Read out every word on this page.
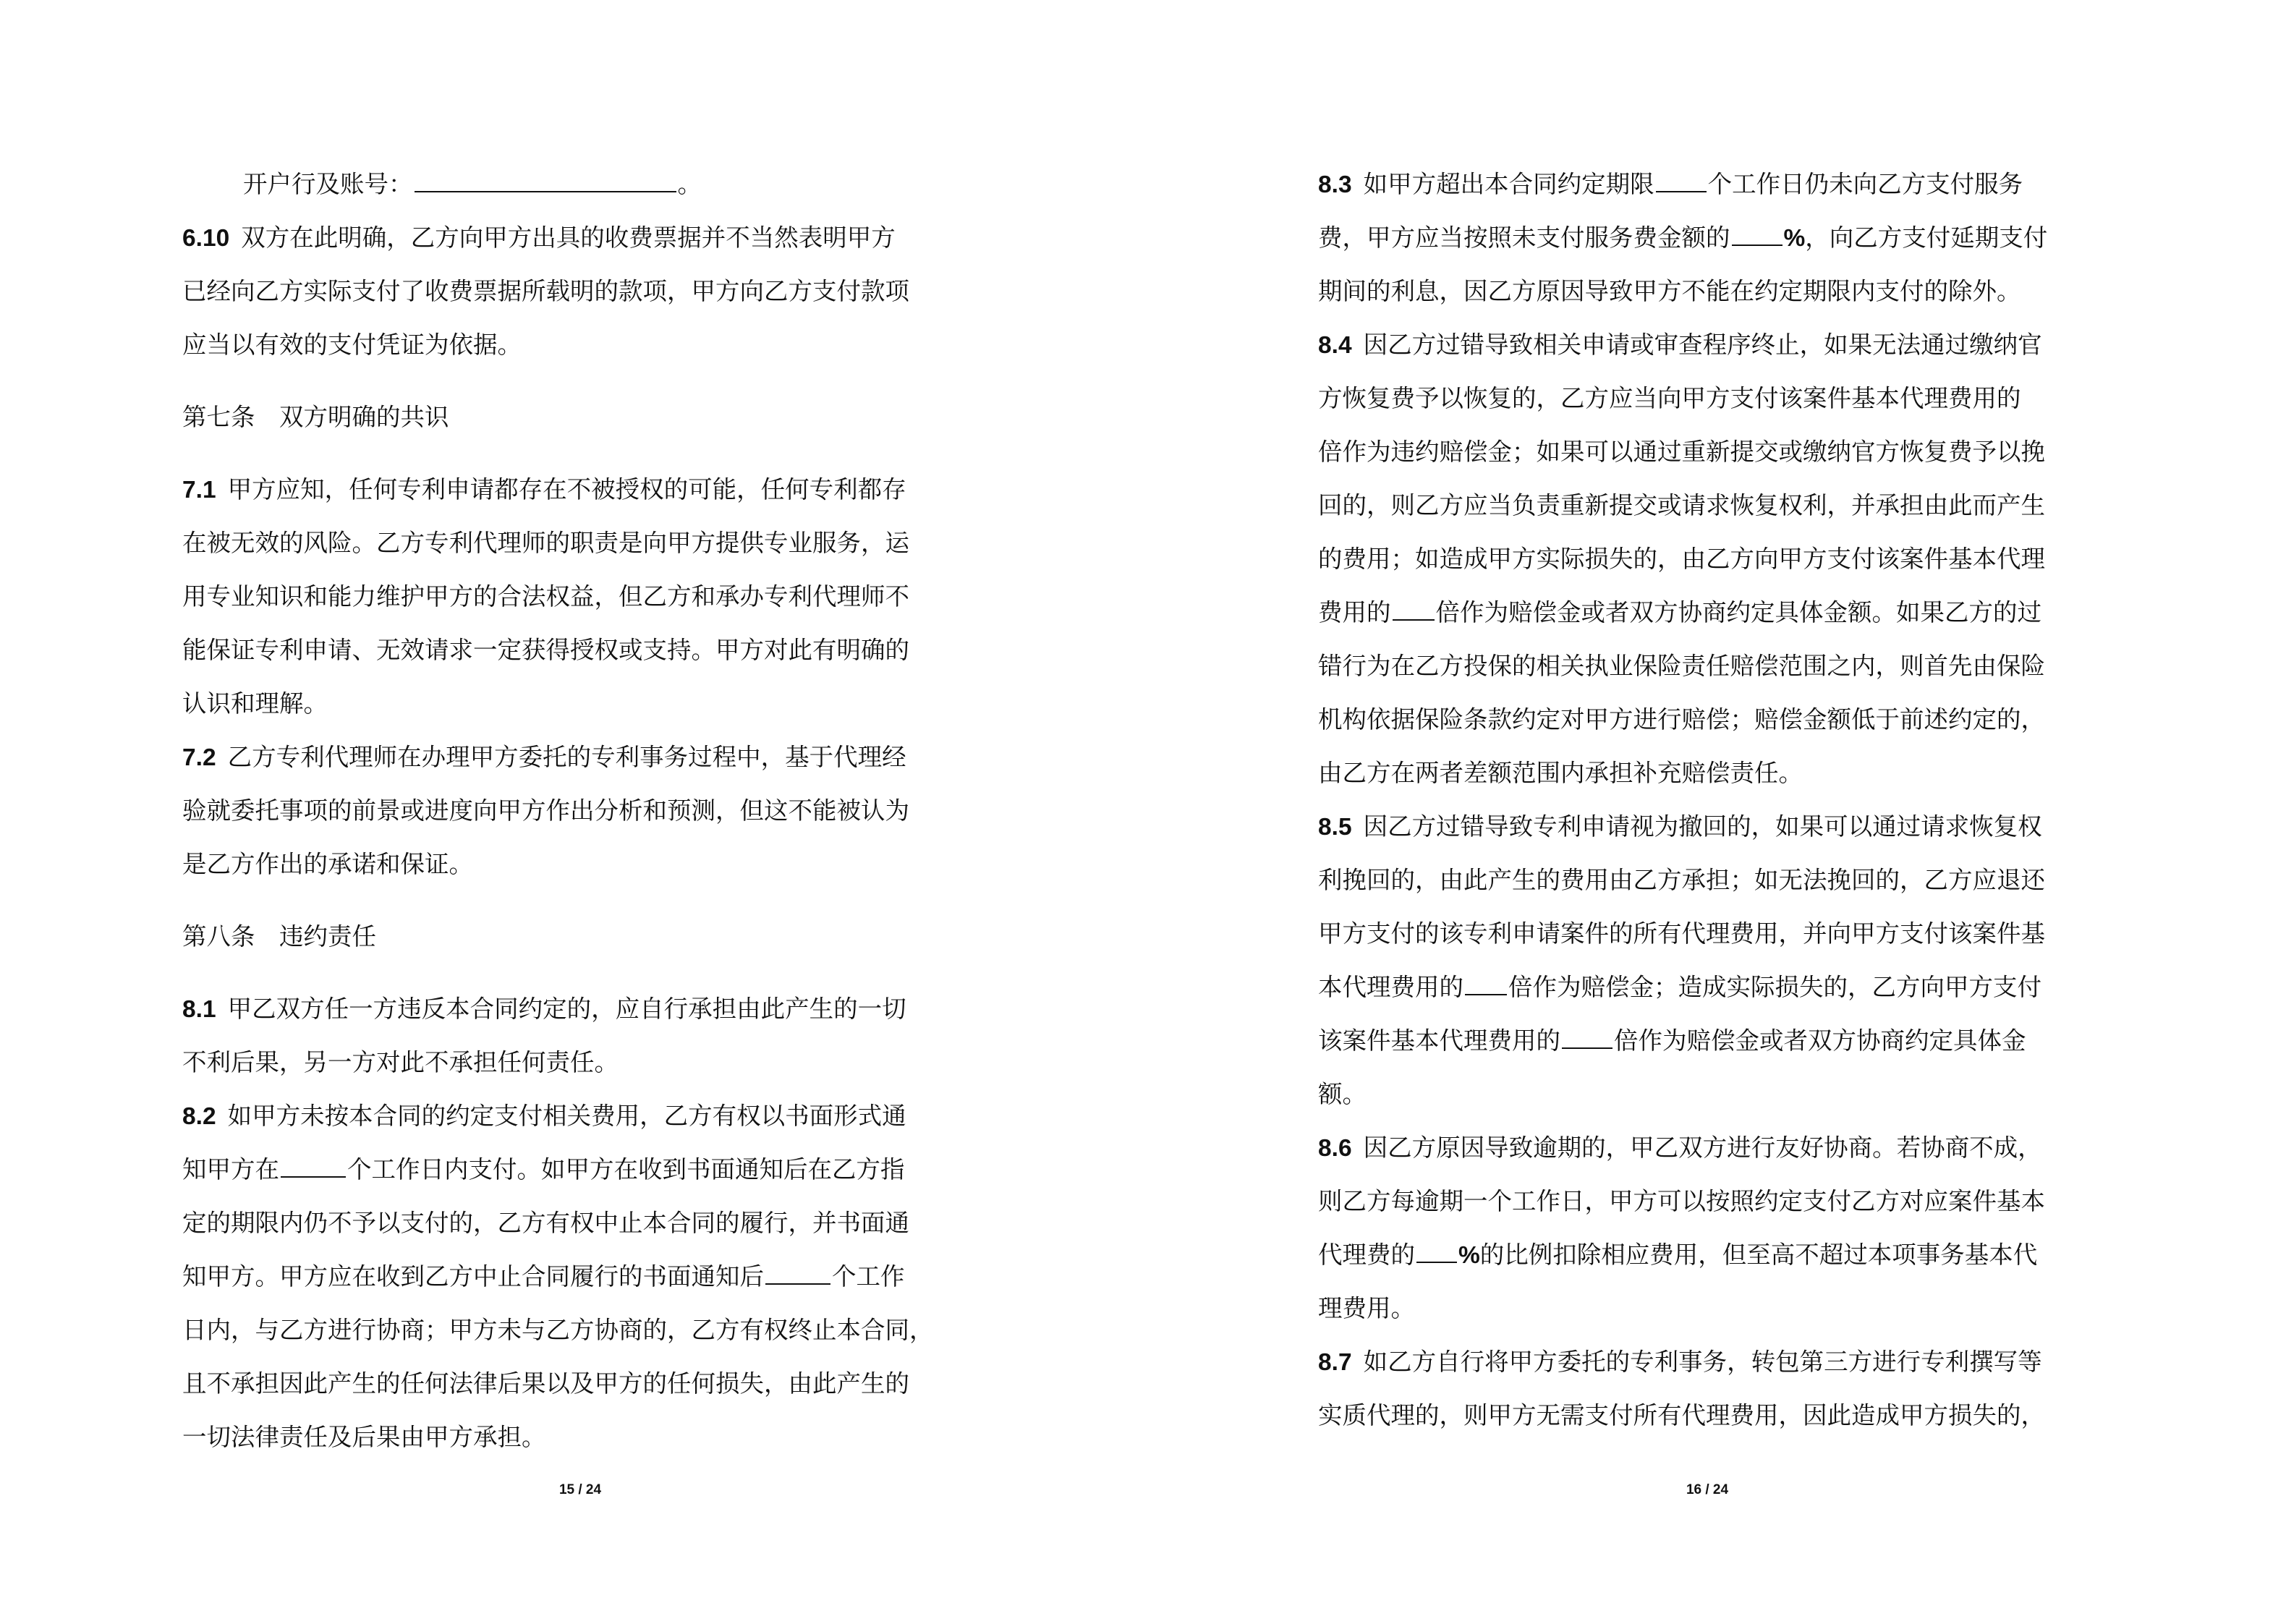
开户行及账号：	。
6.10 双方在此明确，乙方向甲方出具的收费票据并不当然表明甲方
已经向乙方实际支付了收费票据所载明的款项，甲方向乙方支付款项
应当以有效的支付凭证为依据。
第七条　双方明确的共识
7.1 甲方应知，任何专利申请都存在不被授权的可能，任何专利都存
在被无效的风险。乙方专利代理师的职责是向甲方提供专业服务，运
用专业知识和能力维护甲方的合法权益，但乙方和承办专利代理师不
能保证专利申请、无效请求一定获得授权或支持。甲方对此有明确的
认识和理解。
7.2 乙方专利代理师在办理甲方委托的专利事务过程中，基于代理经
验就委托事项的前景或进度向甲方作出分析和预测，但这不能被认为
是乙方作出的承诺和保证。
第八条　违约责任
8.1 甲乙双方任一方违反本合同约定的，应自行承担由此产生的一切
不利后果，另一方对此不承担任何责任。
8.2 如甲方未按本合同的约定支付相关费用，乙方有权以书面形式通
知甲方在	个工作日内支付。如甲方在收到书面通知后在乙方指
定的期限内仍不予以支付的，乙方有权中止本合同的履行，并书面通
知甲方。甲方应在收到乙方中止合同履行的书面通知后	个工作
日内，与乙方进行协商；甲方未与乙方协商的，乙方有权终止本合同，
且不承担因此产生的任何法律后果以及甲方的任何损失，由此产生的
一切法律责任及后果由甲方承担。
15 / 24
8.3 如甲方超出本合同约定期限 个工作日仍未向乙方支付服务
费，甲方应当按照未支付服务费金额的 %，向乙方支付延期支付
期间的利息，因乙方原因导致甲方不能在约定期限内支付的除外。
8.4 因乙方过错导致相关申请或审查程序终止，如果无法通过缴纳官
方恢复费予以恢复的，乙方应当向甲方支付该案件基本代理费用的
倍作为违约赔偿金；如果可以通过重新提交或缴纳官方恢复费予以挽
回的，则乙方应当负责重新提交或请求恢复权利，并承担由此而产生
的费用；如造成甲方实际损失的，由乙方向甲方支付该案件基本代理
费用的 倍作为赔偿金或者双方协商约定具体金额。如果乙方的过
错行为在乙方投保的相关执业保险责任赔偿范围之内，则首先由保险
机构依据保险条款约定对甲方进行赔偿；赔偿金额低于前述约定的，
由乙方在两者差额范围内承担补充赔偿责任。
8.5 因乙方过错导致专利申请视为撤回的，如果可以通过请求恢复权
利挽回的，由此产生的费用由乙方承担；如无法挽回的，乙方应退还
甲方支付的该专利申请案件的所有代理费用，并向甲方支付该案件基
本代理费用的 倍作为赔偿金；造成实际损失的，乙方向甲方支付
该案件基本代理费用的 倍作为赔偿金或者双方协商约定具体金
额。
8.6 因乙方原因导致逾期的，甲乙双方进行友好协商。若协商不成，
则乙方每逾期一个工作日，甲方可以按照约定支付乙方对应案件基本
代理费的 %的比例扣除相应费用，但至高不超过本项事务基本代
理费用。
8.7 如乙方自行将甲方委托的专利事务，转包第三方进行专利撰写等
实质代理的，则甲方无需支付所有代理费用，因此造成甲方损失的，
16 / 24
